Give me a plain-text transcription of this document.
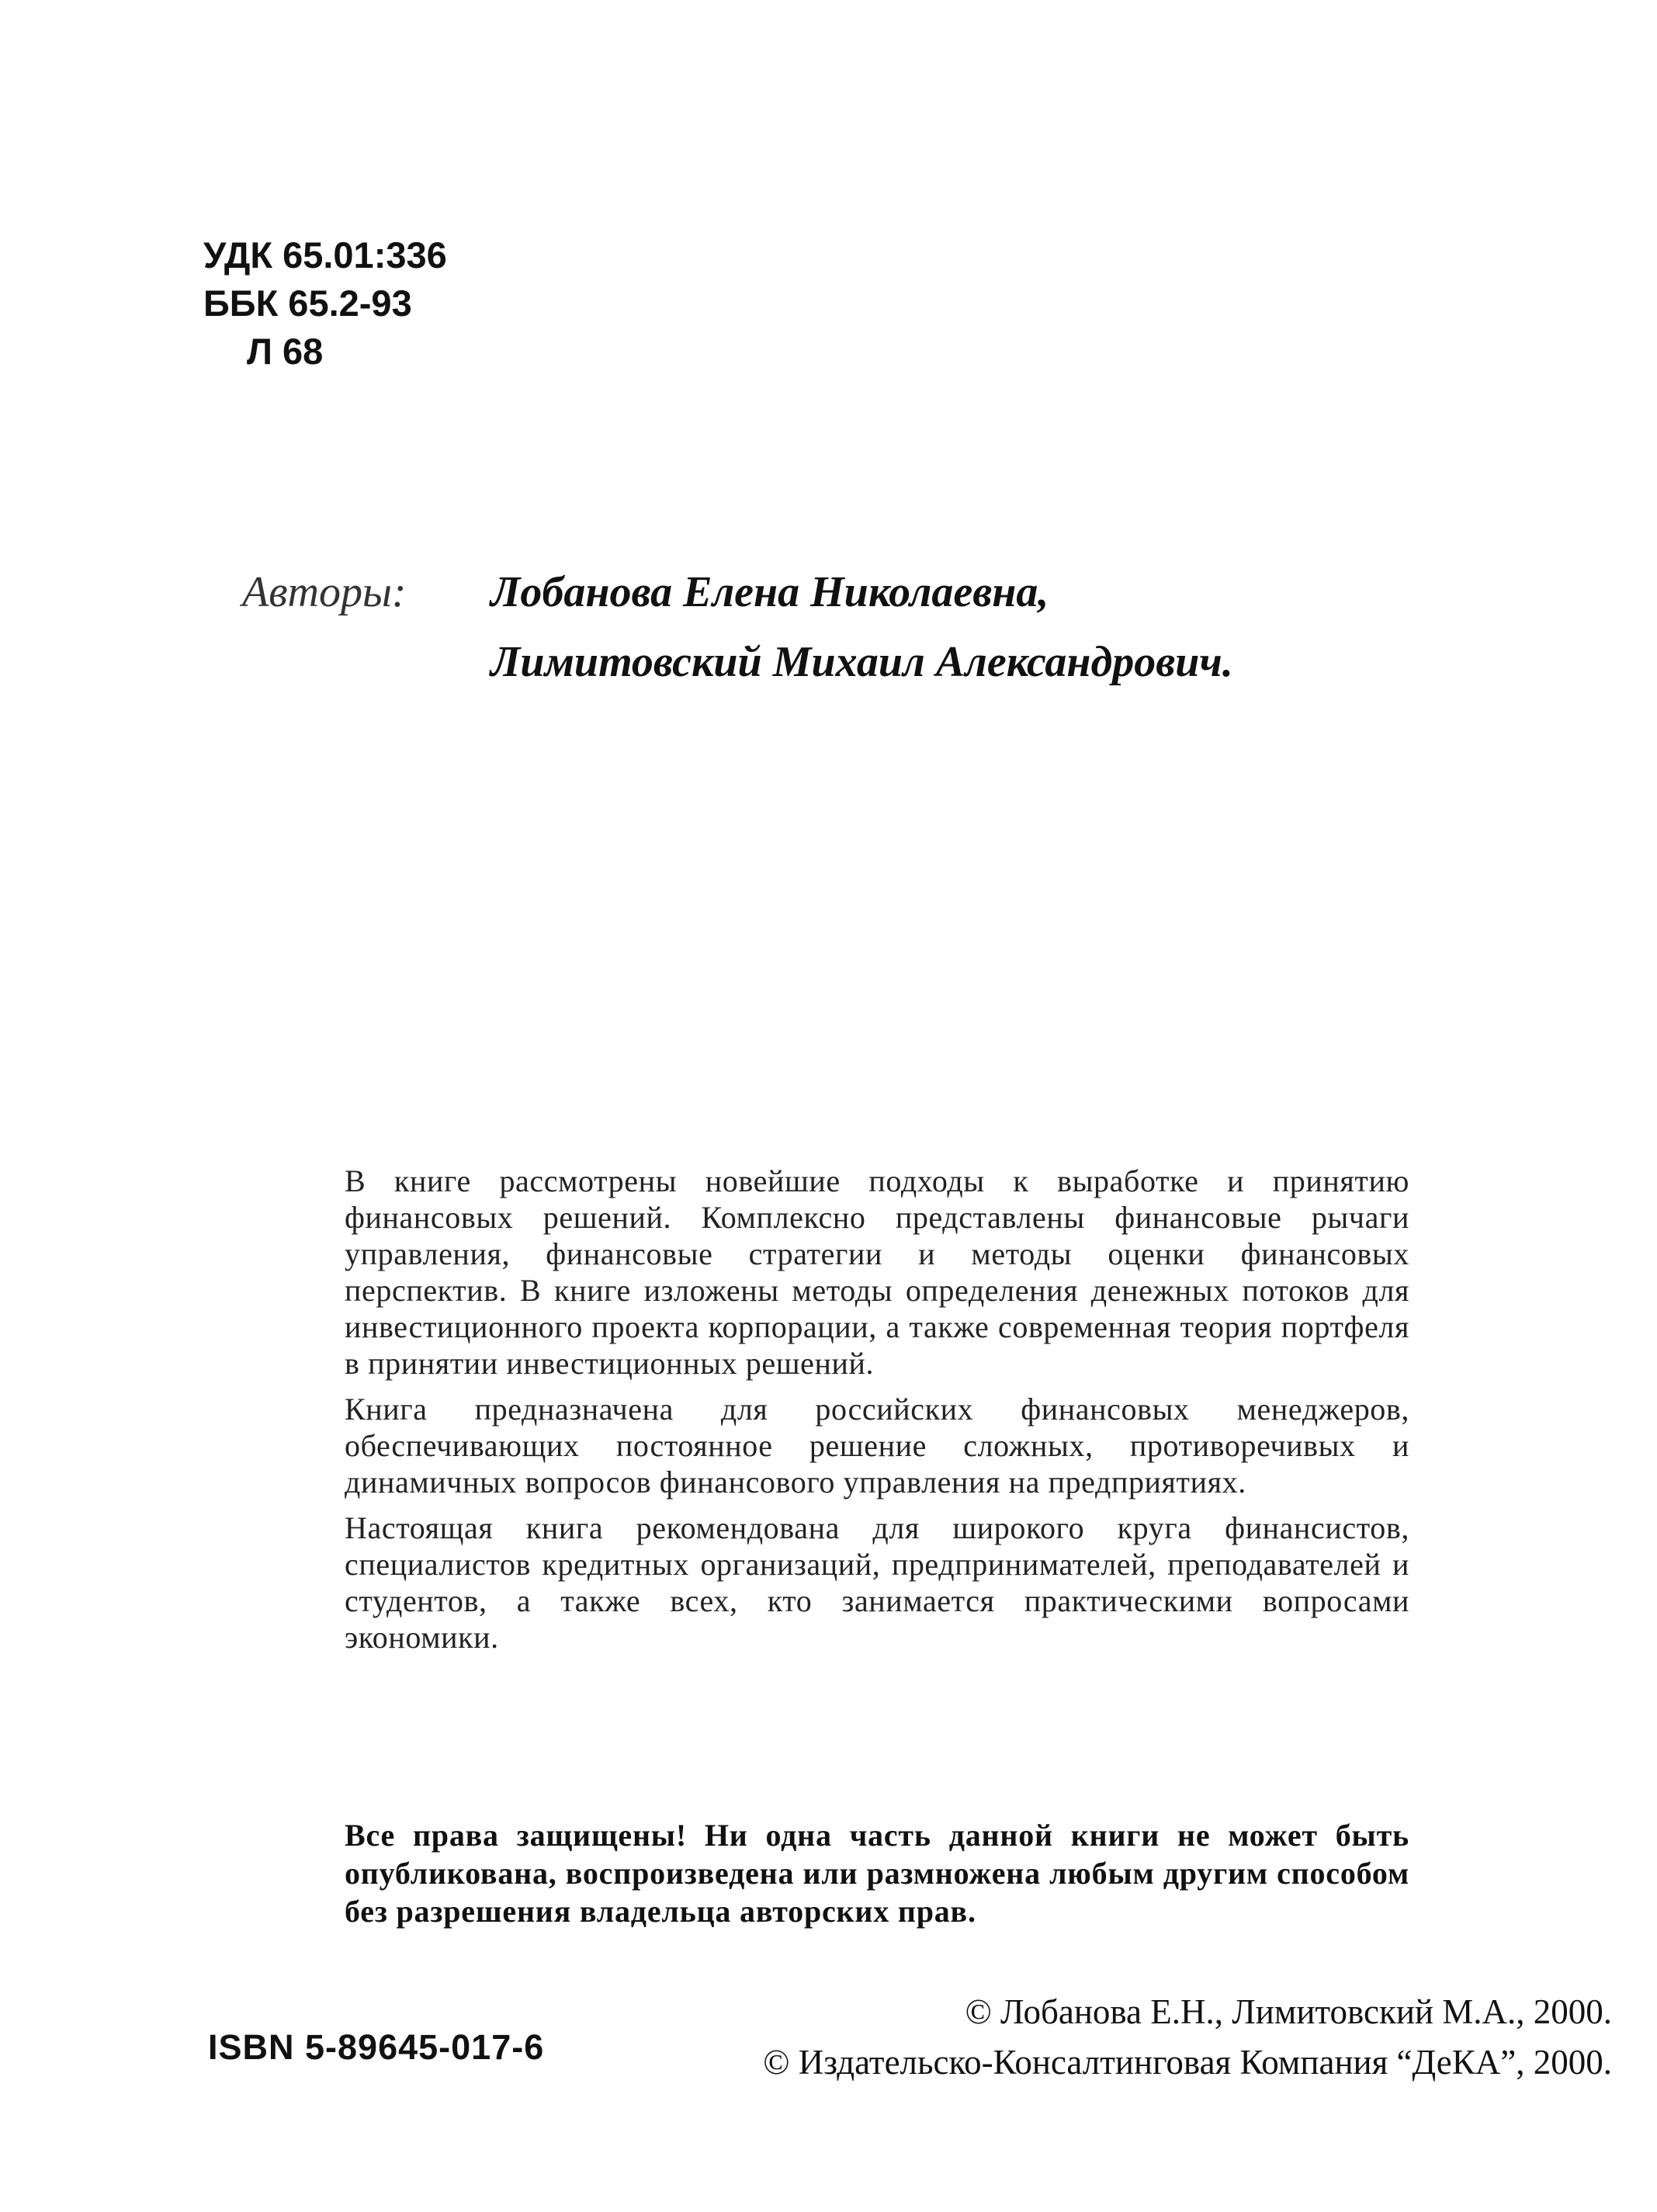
УДК 65.01:336
ББК 65.2-93
Л 68
Авторы: Лобанова Елена Николаевна,
Лимитовский Михаил Александрович.

В книге рассмотрены новейшие подходы к выработке и принятию финансовых решений. Комплексно представлены финансовые рычаги управления, финансовые стратегии и методы оценки финансовых перспектив. В книге изложены методы определения денежных потоков для инвестиционного проекта корпорации, а также современная теория портфеля в принятии инвестиционных решений.

Книга предназначена для российских финансовых менеджеров, обеспечивающих постоянное решение сложных, противоречивых и динамичных вопросов финансового управления на предприятиях.

Настоящая книга рекомендована для широкого круга финансистов, специалистов кредитных организаций, предпринимателей, преподавателей и студентов, а также всех, кто занимается практическими вопросами экономики.

Все права защищены! Ни одна часть данной книги не может быть опубликована, воспроизведена или размножена любым другим способом без разрешения владельца авторских прав.
ISBN 5-89645-017-6
© Лобанова Е.Н., Лимитовский М.А., 2000.
© Издательско-Консалтинговая Компания “ДеКА”, 2000.
